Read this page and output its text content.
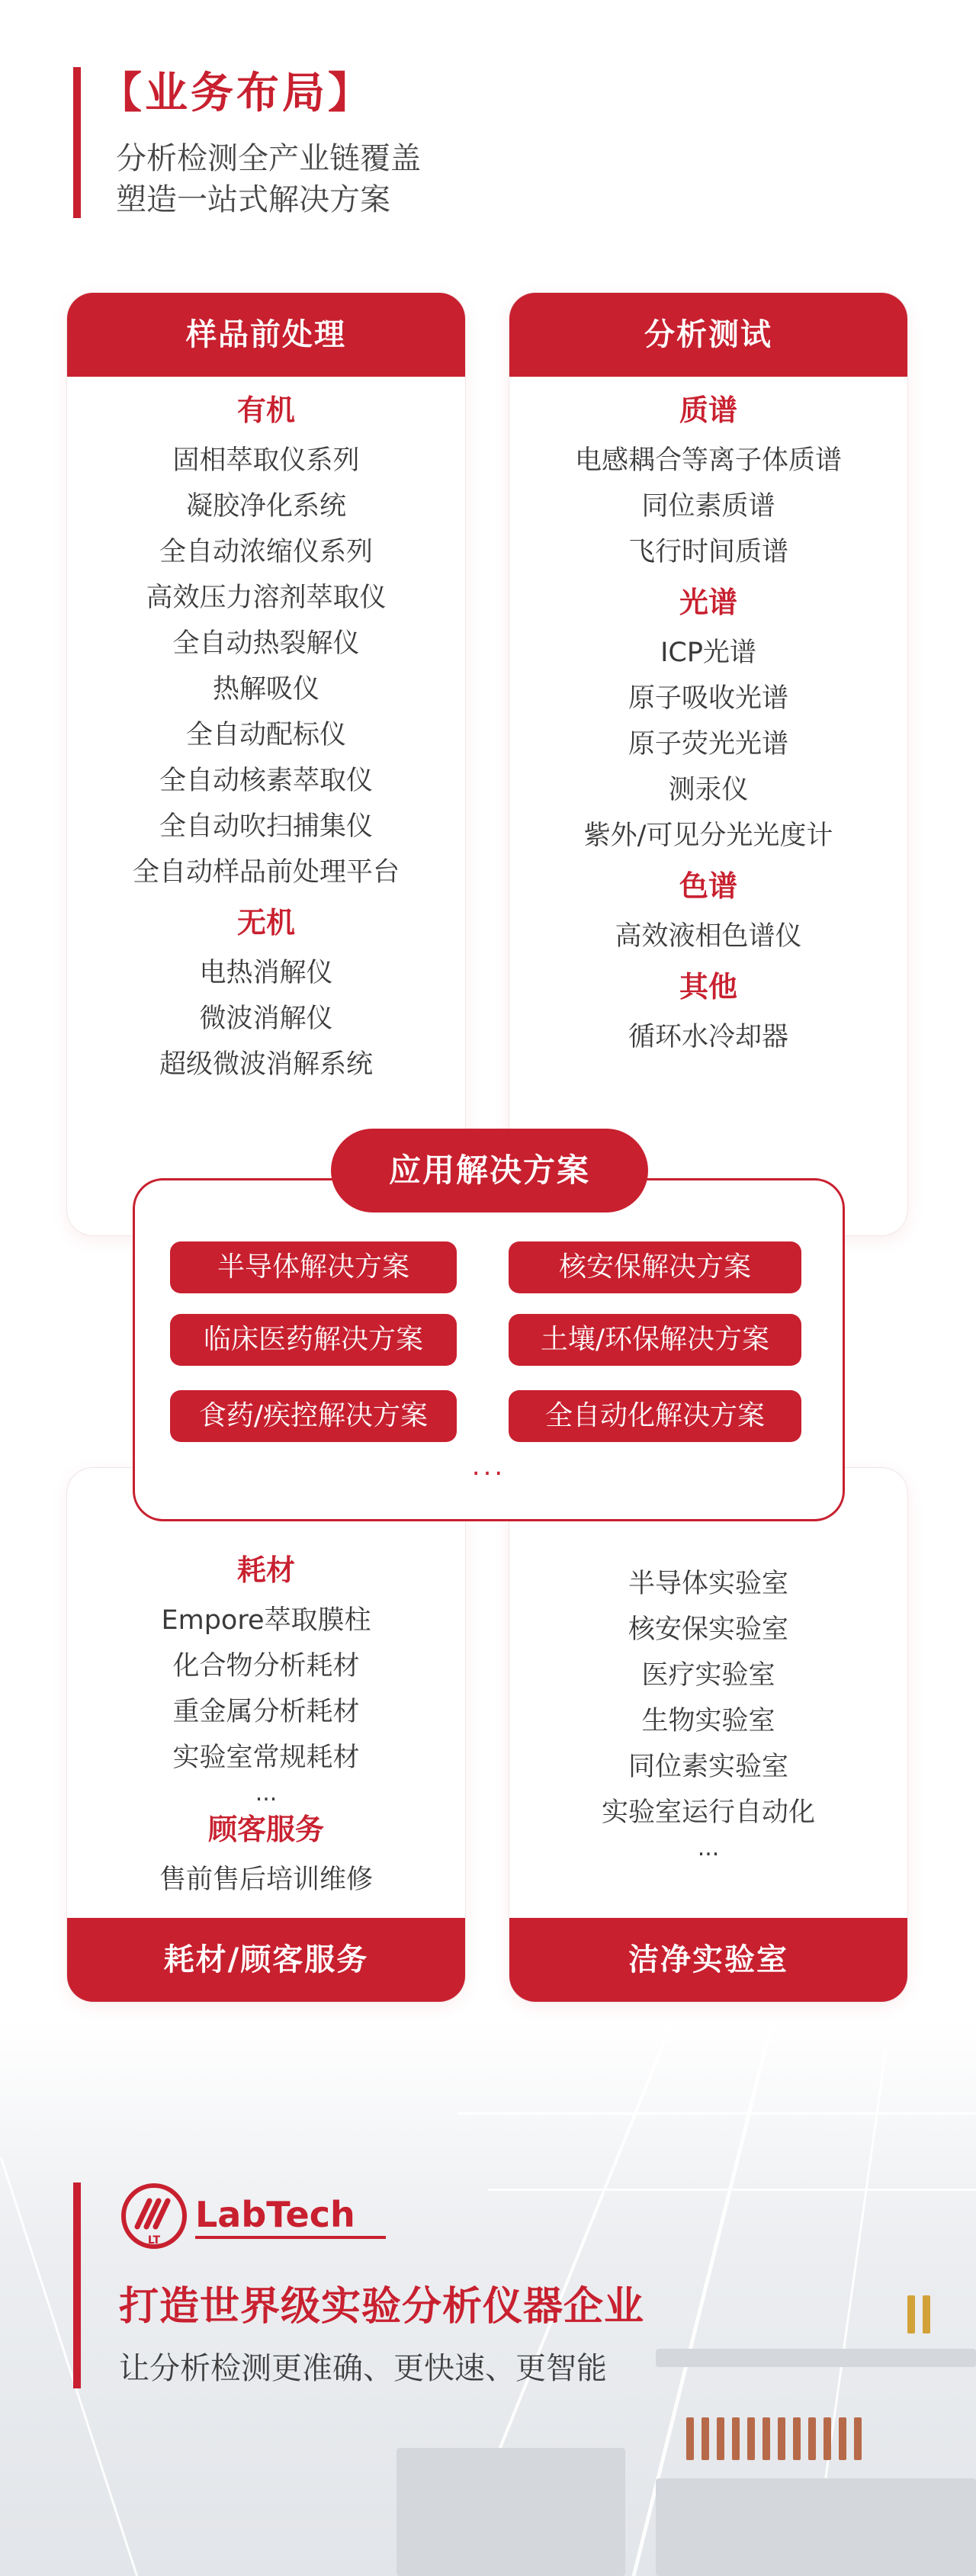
【业务布局】
分析检测全产业链覆盖
塑造一站式解决方案
样品前处理
有机
固相萃取仪系列
凝胶净化系统
全自动浓缩仪系列
高效压力溶剂萃取仪
全自动热裂解仪
热解吸仪
全自动配标仪
全自动核素萃取仪
全自动吹扫捕集仪
全自动样品前处理平台
无机
电热消解仪
微波消解仪
超级微波消解系统
分析测试
质谱
电感耦合等离子体质谱
同位素质谱
飞行时间质谱
光谱
ICP光谱
原子吸收光谱
原子荧光光谱
测汞仪
紫外/可见分光光度计
色谱
高效液相色谱仪
其他
循环水冷却器
耗材
Empore萃取膜柱
化合物分析耗材
重金属分析耗材
实验室常规耗材
...
顾客服务
售前售后培训维修
耗材/顾客服务
半导体实验室
核安保实验室
医疗实验室
生物实验室
同位素实验室
实验室运行自动化
...
洁净实验室
半导体解决方案	核安保解决方案
临床医药解决方案	土壤/环保解决方案
食药/疾控解决方案	全自动化解决方案
...
应用解决方案
LT
LabTech
打造世界级实验分析仪器企业
让分析检测更准确、更快速、更智能
